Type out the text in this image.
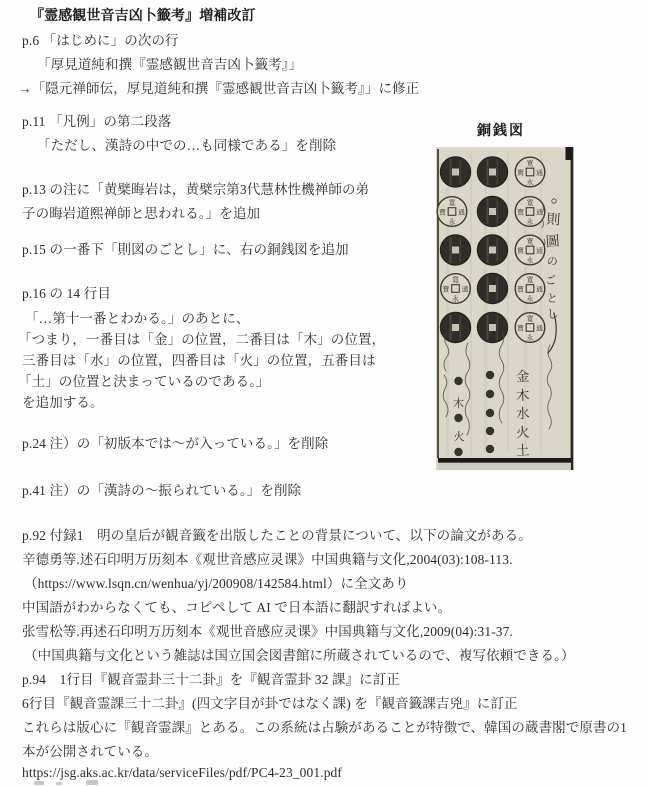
『霊感観世音吉凶卜籤考』増補改訂
p.6 「はじめに」の次の行
「厚見道純和撰『霊感観世音吉凶卜籤考』」
→「隠元禅師伝，厚見道純和撰『霊感観世音吉凶卜籤考』」に修正
p.11 「凡例」の第二段落
「ただし、漢詩の中での…も同様である」を削除
p.13 の注に「黄檗晦岩は，黄檗宗第3代慧林性機禅師の弟
子の晦岩道熙禅師と思われる。」を追加
p.15 の一番下「則図のごとし」に、右の銅銭図を追加
p.16 の 14 行目
「…第十一番とわかる。」のあとに、
「つまり，一番目は「金」の位置，二番目は「木」の位置，
三番目は「水」の位置，四番目は「火」の位置，五番目は
「土」の位置と決まっているのである。」
を追加する。
p.24 注）の「初版本では～が入っている。」を削除
p.41 注）の「漢詩の～振られている。」を削除
p.92 付録1　明の皇后が観音籤を出版したことの背景について、以下の論文がある。
辛德勇等.述石印明万历刻本《观世音感应灵课》中国典籍与文化,2004(03):108-113.
（https://www.lsqn.cn/wenhua/yj/200908/142584.html）に全文あり
中国語がわからなくても、コピペして AI で日本語に翻訳すればよい。
张雪松等.再述石印明万历刻本《观世音感应灵课》中国典籍与文化,2009(04):31-37.
（中国典籍与文化という雑誌は国立国会図書館に所蔵されているので、複写依頼できる。）
p.94　1行目『観音霊卦三十二卦』を『観音霊卦 32 課』に訂正
6行目『観音霊課三十二卦』(四文字目が卦ではなく課) を『観音籤課吉兇』に訂正
これらは版心に『観音霊課』とある。この系統は占験があることが特徴で、韓国の蔵書閣で原書の1
本が公開されている。
https://jsg.aks.ac.kr/data/serviceFiles/pdf/PC4-23_001.pdf
銅銭図
寛
永
通
寶
寛
永
通
寶
寛
永
通
寶
寛
永
通
寶
寛
永
通
寶
寛
永
通
寶
寛
永
通
寶
木
火
則
圖
の
ご
と
し
金
木
水
火
土
